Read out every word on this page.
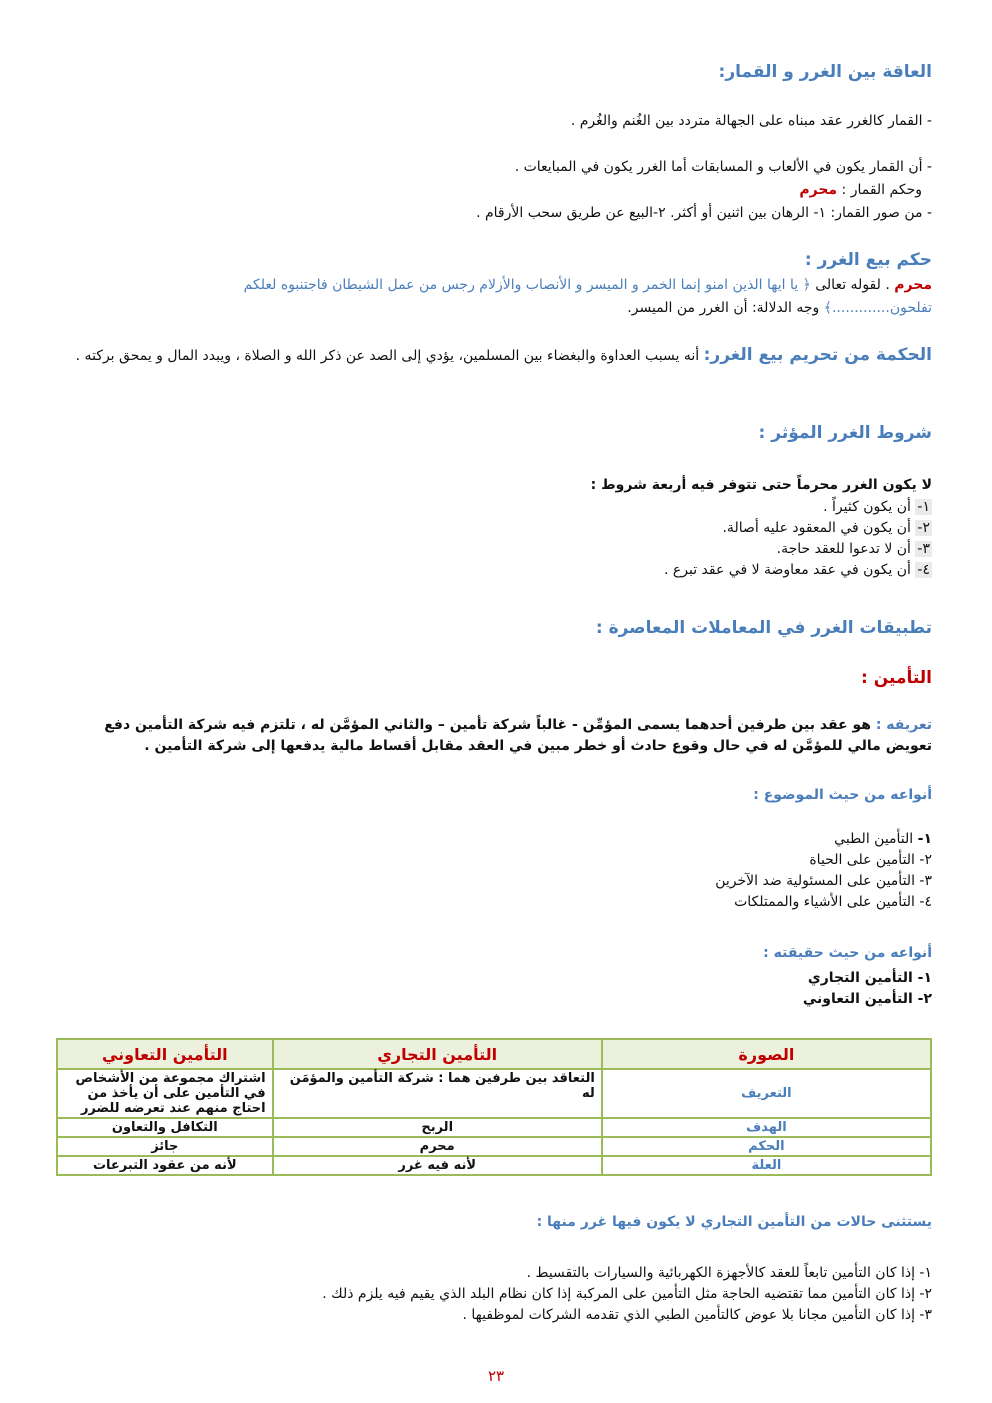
العاقة بين الغرر و القمار:
- القمار كالغرر عقد مبناه على الجهالة متردد بين الغُنم والغُرم .
- أن القمار يكون في الألعاب و المسابقات أما الغرر يكون في المبايعات .
وحكم القمار : محرم
- من صور القمار: ١- الرهان بين اثنين أو أكثر. ٢-البيع عن طريق سحب الأرقام .
حكم بيع الغرر :
محرم . لقوله تعالى ﴿ يا ايها الذين امنو إنما الخمر و الميسر و الأنصاب والأزلام رجس من عمل الشيطان فاجتنبوه لعلكم
تفلحون.............﴾ وجه الدلالة: أن الغرر من الميسر.
الحكمة من تحريم بيع الغرر: أنه يسبب العداوة والبغضاء بين المسلمين، يؤدي إلى الصد عن ذكر الله و الصلاة ، ويبدد المال و يمحق بركته .
شروط الغرر المؤثر :
لا يكون الغرر محرماً حتى تتوفر فيه أربعة شروط :
١- أن يكون كثيراً .
٢- أن يكون في المعقود عليه أصالة.
٣- أن لا تدعوا للعقد حاجة.
٤- أن يكون في عقد معاوضة لا في عقد تبرع .
تطبيقات الغرر في المعاملات المعاصرة :
التأمين :
تعريفه : هو عقد بين طرفين أحدهما يسمى المؤمِّن - غالباً شركة تأمين – والثاني المؤمَّن له ، تلتزم فيه شركة التأمين دفع تعويض مالي للمؤمَّن له في حال وقوع حادث أو خطر مبين في العقد مقابل أقساط مالية يدفعها إلى شركة التأمين .
أنواعه من حيث الموضوع :
١- التأمين الطبي
٢- التأمين على الحياة
٣- التأمين على المسئولية ضد الآخرين
٤- التأمين على الأشياء والممتلكات
أنواعه من حيث حقيقته :
١- التأمين التجاري
٢- التأمين التعاوني
الصورة	التأمين التجاري	التأمين التعاوني
التعريف	التعاقد بين طرفين هما : شركة التأمين والمؤمَن له	اشتراك مجموعة من الأشخاص في التأمين على أن يأخذ من احتاج منهم عند تعرضه للضرر
الهدف	الربح	التكافل والتعاون
الحكم	محرم	جائز
العلة	لأنه فيه غرر	لأنه من عقود التبرعات
يستثنى حالات من التأمين التجاري لا يكون فيها غرر منها :
١- إذا كان التأمين تابعاً للعقد كالأجهزة الكهربائية والسيارات بالتقسيط .
٢- إذا كان التأمين مما تقتضيه الحاجة مثل التأمين على المركبة إذا كان نظام البلد الذي يقيم فيه يلزم ذلك .
٣- إذا كان التأمين مجانا بلا عوض كالتأمين الطبي الذي تقدمه الشركات لموظفيها .
٢٣
